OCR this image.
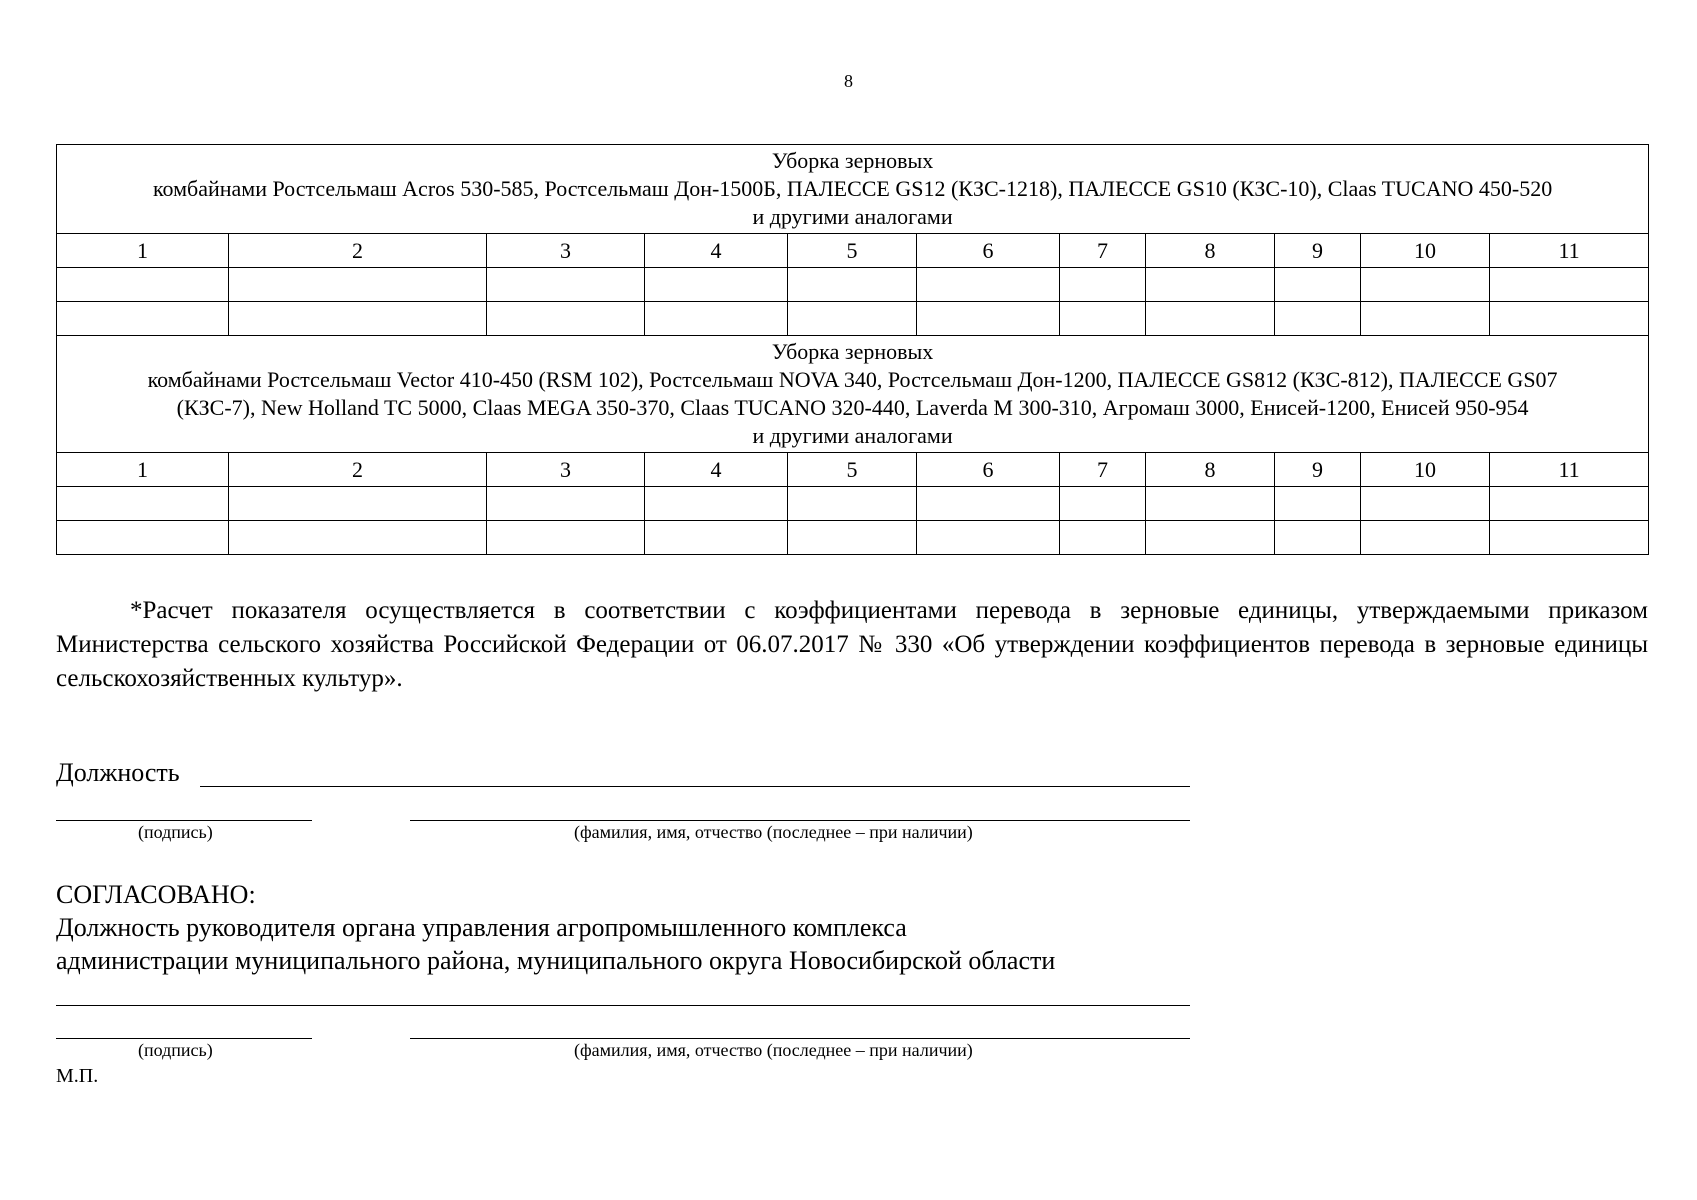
8
Уборка зерновых
комбайнами Ростсельмаш Acros 530-585, Ростсельмаш Дон-1500Б, ПАЛЕССЕ GS12 (КЗС-1218), ПАЛЕССЕ GS10 (КЗС-10), Claas TUCANO 450-520
и другими аналогами										

1	2	3	4	5	6	7	8	9	10	11

Уборка зерновых
комбайнами Ростсельмаш Vector 410-450 (RSM 102), Ростсельмаш NOVA 340, Ростсельмаш Дон-1200, ПАЛЕССЕ GS812 (КЗС-812), ПАЛЕССЕ GS07
(КЗС-7), New Holland TC 5000, Claas MEGA 350-370, Claas TUCANO 320-440, Laverda M 300-310, Агромаш 3000, Енисей-1200, Енисей 950-954
и другими аналогами										

1	2	3	4	5	6	7	8	9	10	11

*Расчет показателя осуществляется в соответствии с коэффициентами перевода в зерновые единицы, утверждаемыми приказом Министерства сельского хозяйства Российской Федерации от 06.07.2017 № 330 «Об утверждении коэффициентов перевода в зерновые единицы сельскохозяйственных культур».

Должность
(подпись)	(фамилия, имя, отчество (последнее – при наличии)
СОГЛАСОВАНО:
Должность руководителя органа управления агропромышленного комплекса
администрации муниципального района, муниципального округа Новосибирской области
(подпись)	(фамилия, имя, отчество (последнее – при наличии)
М.П.
